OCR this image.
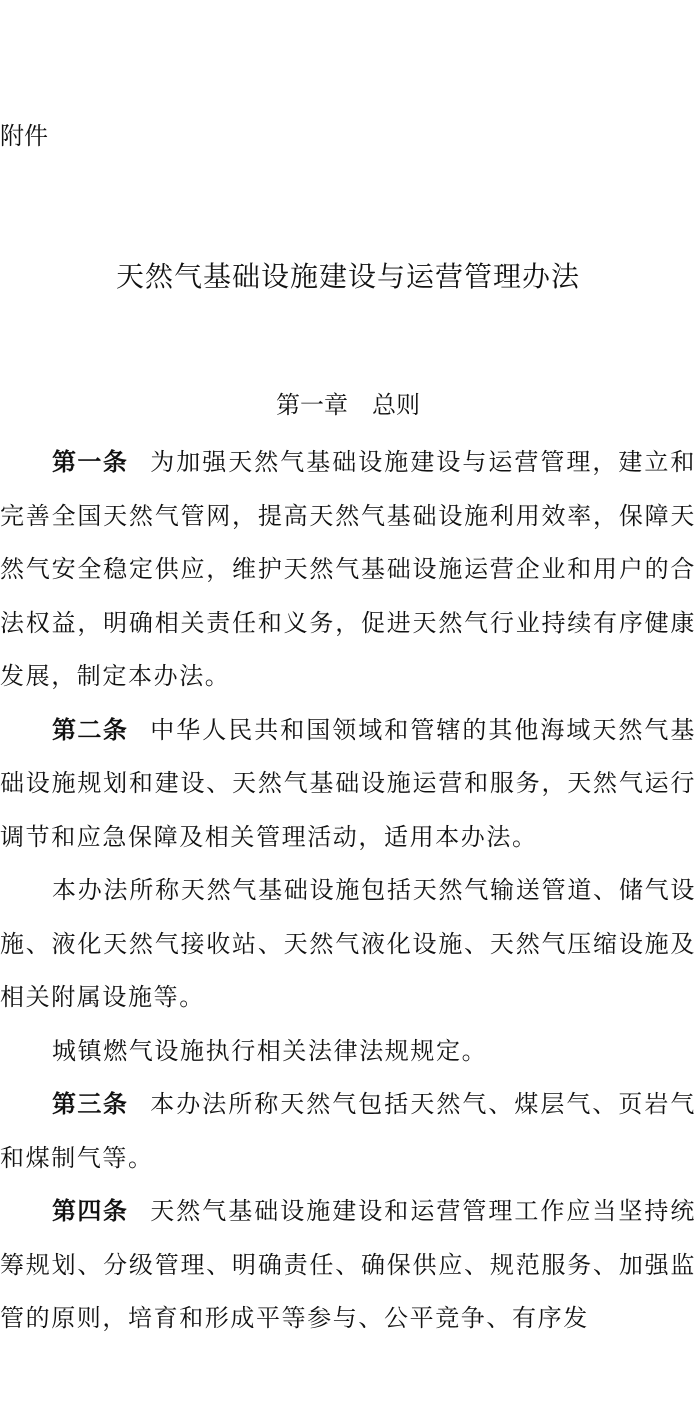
附件
天然气基础设施建设与运营管理办法
第一章　总则

第一条 为加强天然气基础设施建设与运营管理，建立和完善全国天然气管网，提高天然气基础设施利用效率，保障天然气安全稳定供应，维护天然气基础设施运营企业和用户的合法权益，明确相关责任和义务，促进天然气行业持续有序健康发展，制定本办法。

第二条 中华人民共和国领域和管辖的其他海域天然气基础设施规划和建设、天然气基础设施运营和服务，天然气运行调节和应急保障及相关管理活动，适用本办法。

本办法所称天然气基础设施包括天然气输送管道、储气设施、液化天然气接收站、天然气液化设施、天然气压缩设施及相关附属设施等。

城镇燃气设施执行相关法律法规规定。

第三条 本办法所称天然气包括天然气、煤层气、页岩气和煤制气等。

第四条 天然气基础设施建设和运营管理工作应当坚持统筹规划、分级管理、明确责任、确保供应、规范服务、加强监管的原则，培育和形成平等参与、公平竞争、有序发
